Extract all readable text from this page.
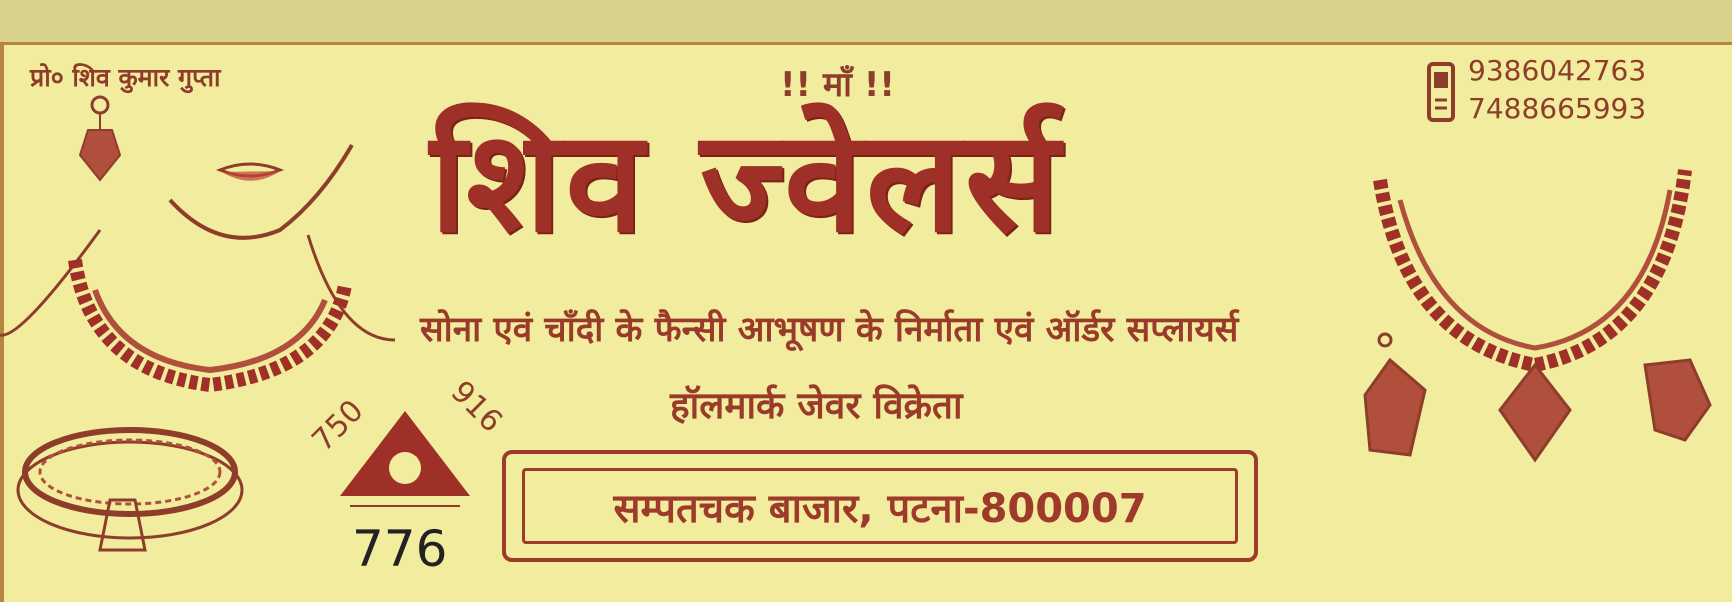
प्रो० शिव कुमार गुप्ता	!! माँ !!	9386042763
7488665993
शिव ज्वेलर्स
सोना एवं चाँदी के फैन्सी आभूषण के निर्माता एवं ऑर्डर सप्लायर्स
हॉलमार्क जेवर विक्रेता
750 916
776
सम्पतचक बाजार, पटना-800007
